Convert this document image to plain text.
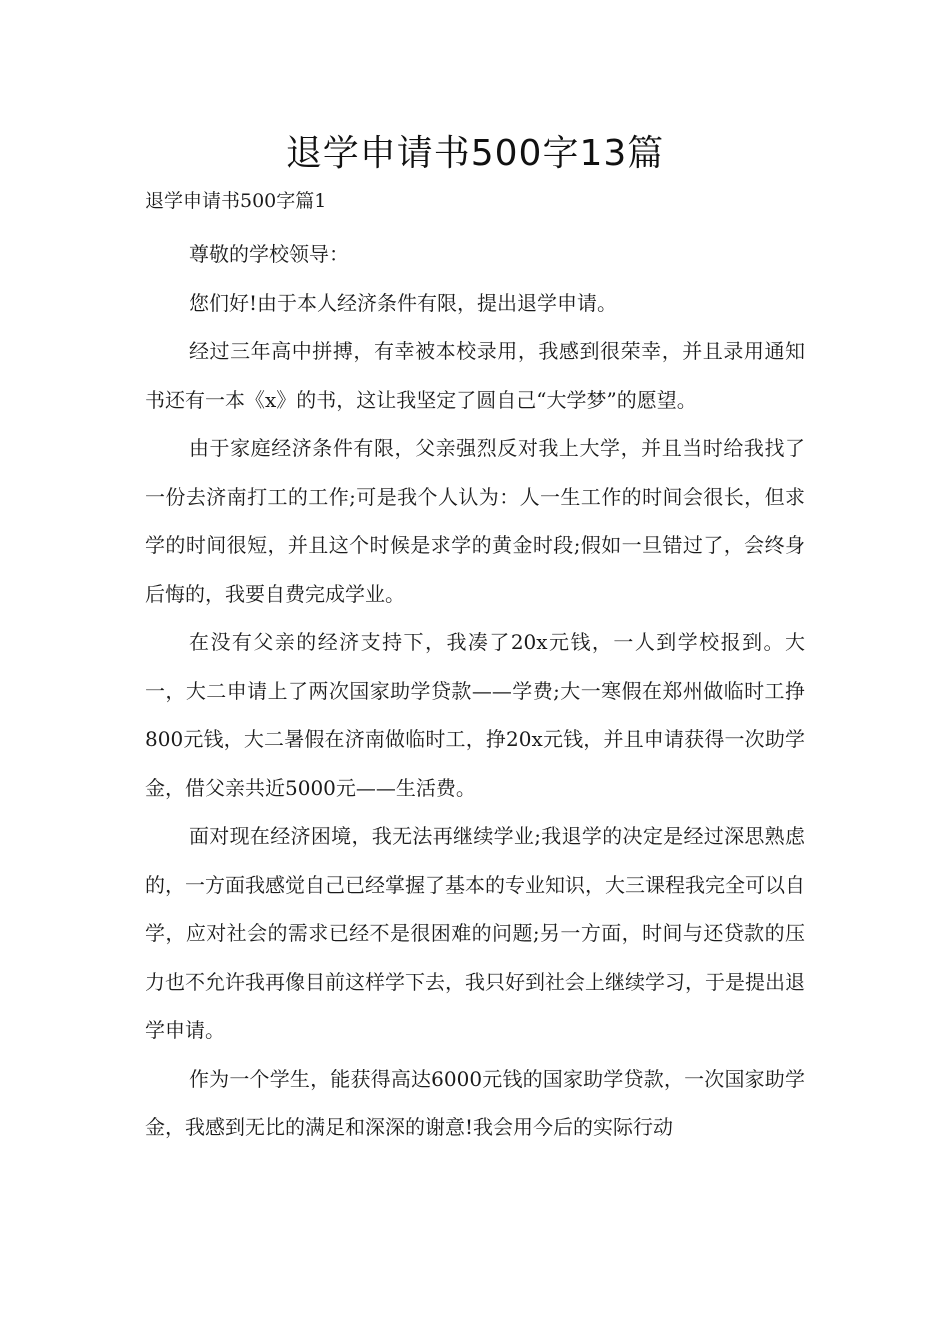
退学申请书500字13篇
退学申请书500字篇1

尊敬的学校领导：

您们好!由于本人经济条件有限，提出退学申请。

经过三年高中拼搏，有幸被本校录用，我感到很荣幸，并且录用通知书还有一本《x》的书，这让我坚定了圆自己“大学梦”的愿望。

由于家庭经济条件有限，父亲强烈反对我上大学，并且当时给我找了一份去济南打工的工作;可是我个人认为：人一生工作的时间会很长，但求学的时间很短，并且这个时候是求学的黄金时段;假如一旦错过了，会终身后悔的，我要自费完成学业。

在没有父亲的经济支持下，我凑了20x元钱，一人到学校报到。大一，大二申请上了两次国家助学贷款——学费;大一寒假在郑州做临时工挣800元钱，大二暑假在济南做临时工，挣20x元钱，并且申请获得一次助学金，借父亲共近5000元——生活费。

面对现在经济困境，我无法再继续学业;我退学的决定是经过深思熟虑的，一方面我感觉自己已经掌握了基本的专业知识，大三课程我完全可以自学，应对社会的需求已经不是很困难的问题;另一方面，时间与还贷款的压力也不允许我再像目前这样学下去，我只好到社会上继续学习，于是提出退学申请。

作为一个学生，能获得高达6000元钱的国家助学贷款，一次国家助学金，我感到无比的满足和深深的谢意!我会用今后的实际行动
